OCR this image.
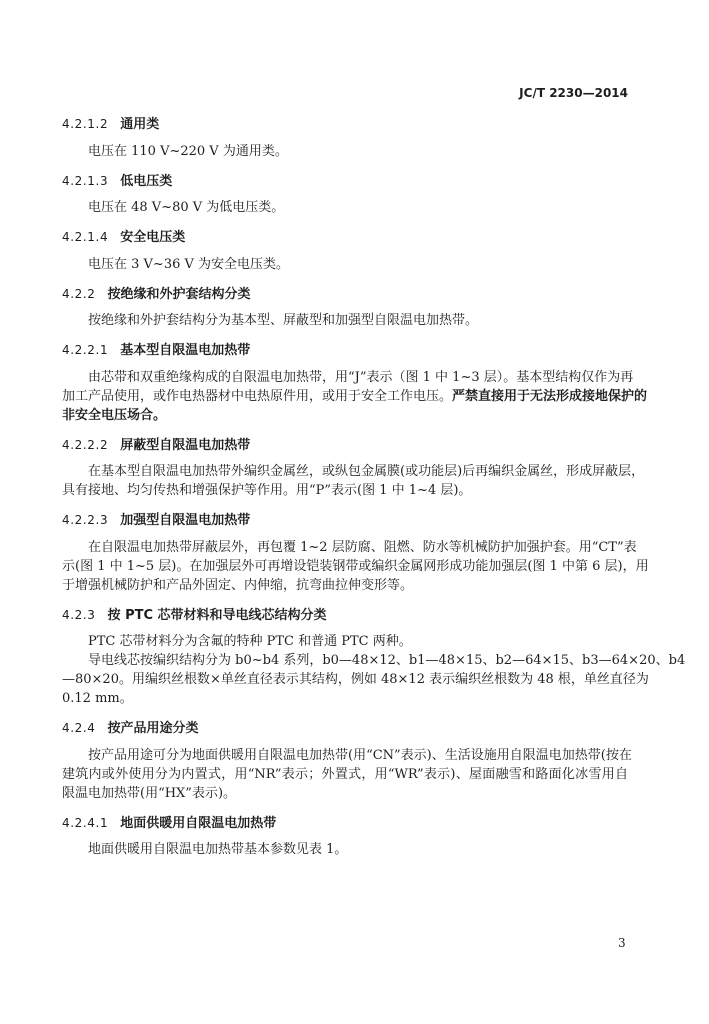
JC/T 2230—2014
4.2.1.2 通用类
电压在 110 V~220 V 为通用类。
4.2.1.3 低电压类
电压在 48 V~80 V 为低电压类。
4.2.1.4 安全电压类
电压在 3 V~36 V 为安全电压类。
4.2.2 按绝缘和外护套结构分类
按绝缘和外护套结构分为基本型、屏蔽型和加强型自限温电加热带。
4.2.2.1 基本型自限温电加热带
由芯带和双重绝缘构成的自限温电加热带，用“J”表示（图 1 中 1~3 层）。基本型结构仅作为再
加工产品使用，或作电热器材中电热原件用，或用于安全工作电压。严禁直接用于无法形成接地保护的
非安全电压场合。
4.2.2.2 屏蔽型自限温电加热带
在基本型自限温电加热带外编织金属丝，或纵包金属膜(或功能层)后再编织金属丝，形成屏蔽层，
具有接地、均匀传热和增强保护等作用。用“P”表示(图 1 中 1~4 层)。
4.2.2.3 加强型自限温电加热带
在自限温电加热带屏蔽层外，再包覆 1~2 层防腐、阻燃、防水等机械防护加强护套。用“CT”表
示(图 1 中 1~5 层)。在加强层外可再增设铠装钢带或编织金属网形成功能加强层(图 1 中第 6 层)，用
于增强机械防护和产品外固定、内伸缩，抗弯曲拉伸变形等。
4.2.3 按 PTC 芯带材料和导电线芯结构分类
PTC 芯带材料分为含氟的特种 PTC 和普通 PTC 两种。
导电线芯按编织结构分为 b0~b4 系列，b0—48×12、b1—48×15、b2—64×15、b3—64×20、b4
—80×20。用编织丝根数×单丝直径表示其结构，例如 48×12 表示编织丝根数为 48 根，单丝直径为
0.12 mm。
4.2.4 按产品用途分类
按产品用途可分为地面供暖用自限温电加热带(用“CN”表示)、生活设施用自限温电加热带(按在
建筑内或外使用分为内置式，用“NR”表示；外置式，用“WR”表示)、屋面融雪和路面化冰雪用自
限温电加热带(用“HX”表示)。
4.2.4.1 地面供暖用自限温电加热带
地面供暖用自限温电加热带基本参数见表 1。
3
